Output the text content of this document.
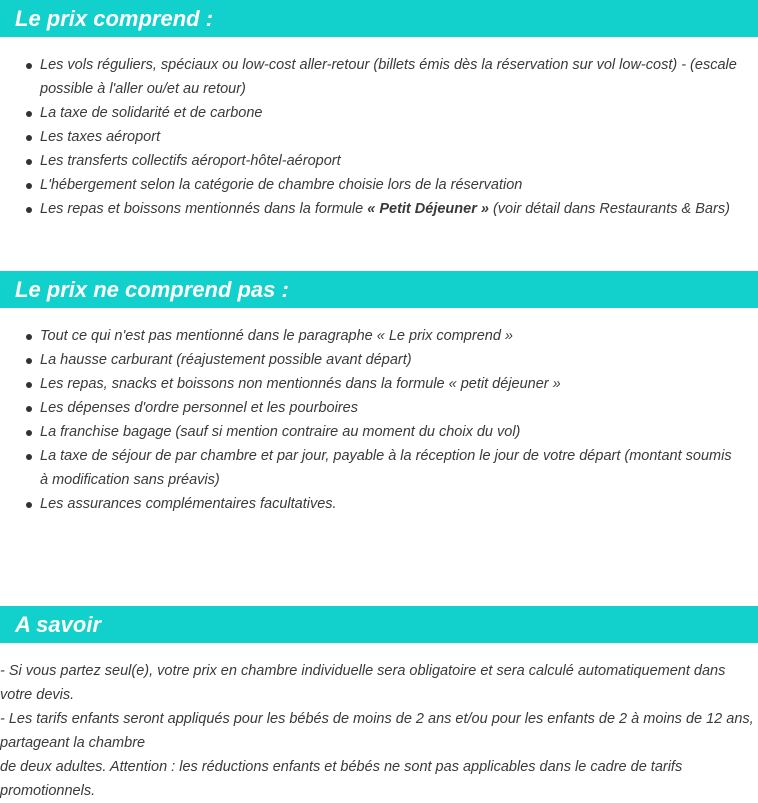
Le prix comprend :
Les vols réguliers, spéciaux ou low-cost aller-retour (billets émis dès la réservation sur vol low-cost) - (escale possible à l'aller ou/et au retour)
La taxe de solidarité et de carbone
Les taxes aéroport
Les transferts collectifs aéroport-hôtel-aéroport
L'hébergement selon la catégorie de chambre choisie lors de la réservation
Les repas et boissons mentionnés dans la formule « Petit Déjeuner » (voir détail dans Restaurants & Bars)
Le prix ne comprend pas :
Tout ce qui n'est pas mentionné dans le paragraphe « Le prix comprend »
La hausse carburant (réajustement possible avant départ)
Les repas, snacks et boissons non mentionnés dans la formule « petit déjeuner »
Les dépenses d'ordre personnel et les pourboires
La franchise bagage (sauf si mention contraire au moment du choix du vol)
La taxe de séjour de par chambre et par jour, payable à la réception le jour de votre départ (montant soumis à modification sans préavis)
Les assurances complémentaires facultatives.
A savoir

- Si vous partez seul(e), votre prix en chambre individuelle sera obligatoire et sera calculé automatiquement dans votre devis.

- Les tarifs enfants seront appliqués pour les bébés de moins de 2 ans et/ou pour les enfants de 2 à moins de 12 ans, partageant la chambre

de deux adultes. Attention : les réductions enfants et bébés ne sont pas applicables dans le cadre de tarifs promotionnels.
